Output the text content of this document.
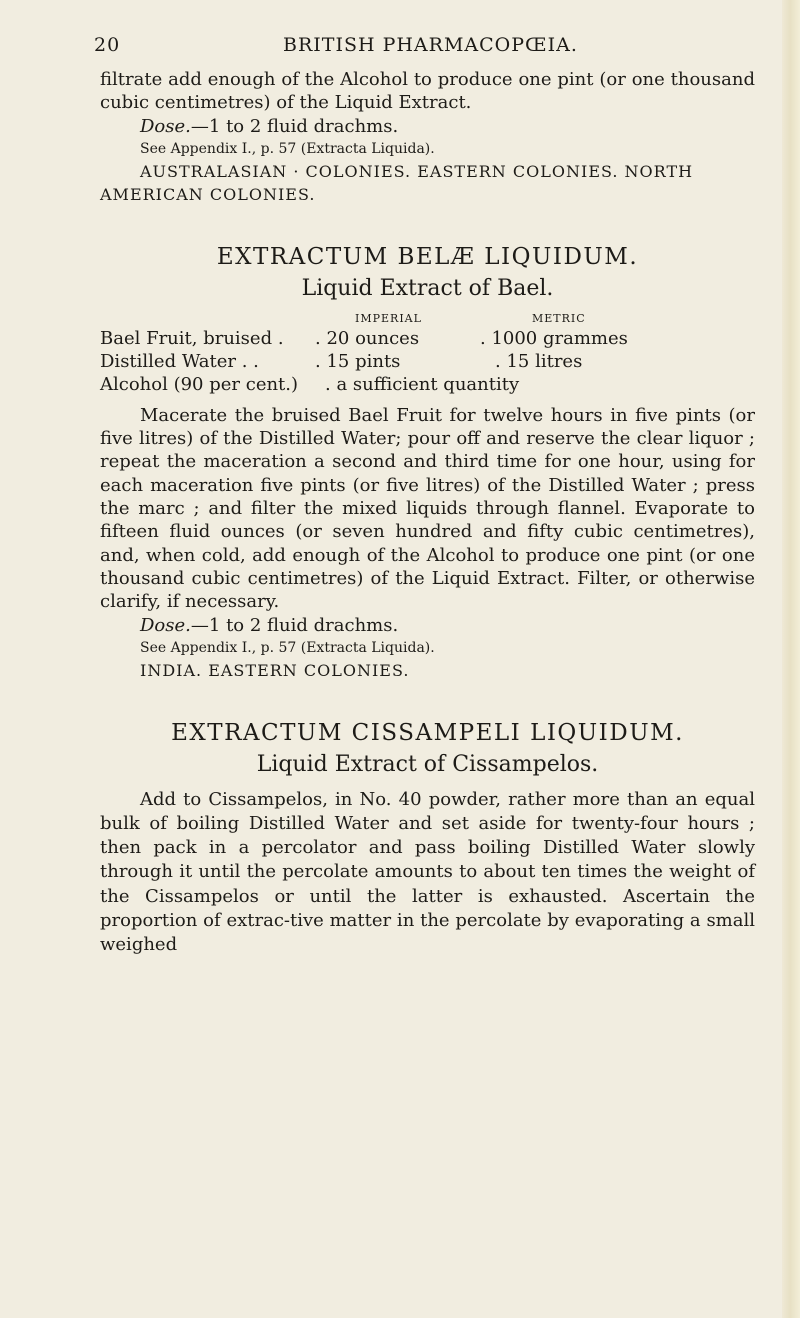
20	BRITISH PHARMACOPŒIA.

filtrate add enough of the Alcohol to produce one pint (or one thousand cubic centimetres) of the Liquid Extract.

Dose.—1 to 2 fluid drachms.

See Appendix I., p. 57 (Extracta Liquida).

AUSTRALASIAN · COLONIES. EASTERN COLONIES. NORTH

AMERICAN COLONIES.

EXTRACTUM BELÆ LIQUIDUM.
Liquid Extract of Bael.
IMPERIAL	METRIC
Bael Fruit, bruised . . 20 ounces	. 1000 grammes
Distilled Water . .	. 15 pints	. 15 litres
Alcohol (90 per cent.) . a sufficient quantity

Macerate the bruised Bael Fruit for twelve hours in five pints (or five litres) of the Distilled Water; pour off and reserve the clear liquor ; repeat the maceration a second and third time for one hour, using for each maceration five pints (or five litres) of the Distilled Water ; press the marc ; and filter the mixed liquids through flannel. Evaporate to fifteen fluid ounces (or seven hundred and fifty cubic centimetres), and, when cold, add enough of the Alcohol to produce one pint (or one thousand cubic centimetres) of the Liquid Extract. Filter, or otherwise clarify, if necessary.

Dose.—1 to 2 fluid drachms.

See Appendix I., p. 57 (Extracta Liquida).

INDIA. EASTERN COLONIES.

EXTRACTUM CISSAMPELI LIQUIDUM.
Liquid Extract of Cissampelos.

Add to Cissampelos, in No. 40 powder, rather more than an equal bulk of boiling Distilled Water and set aside for twenty-four hours ; then pack in a percolator and pass boiling Distilled Water slowly through it until the percolate amounts to about ten times the weight of the Cissampelos or until the latter is exhausted. Ascertain the proportion of extrac-tive matter in the percolate by evaporating a small weighed
